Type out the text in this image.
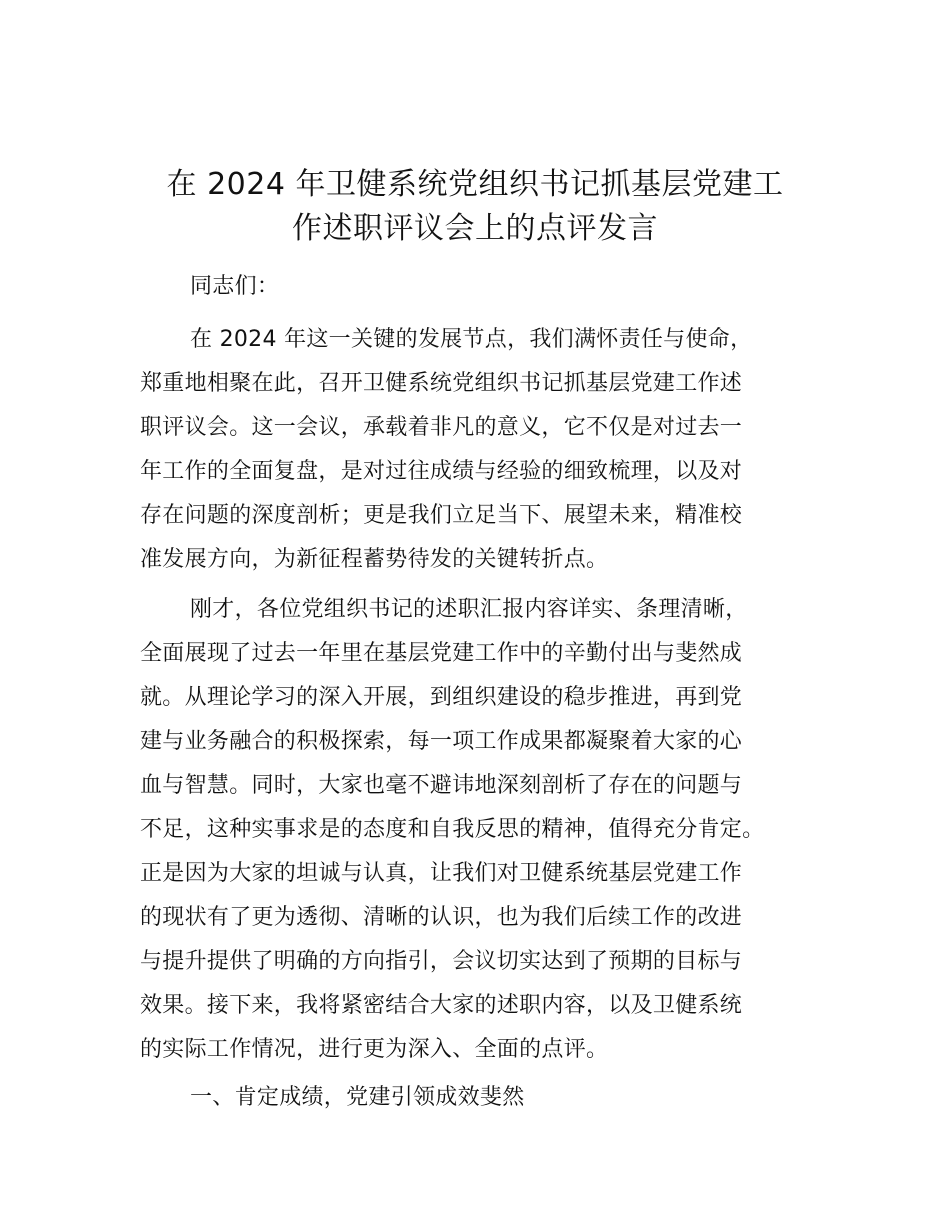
在 2024 年卫健系统党组织书记抓基层党建工
作述职评议会上的点评发言
同志们：
在 2024 年这一关键的发展节点，我们满怀责任与使命，
郑重地相聚在此，召开卫健系统党组织书记抓基层党建工作述
职评议会。这一会议，承载着非凡的意义，它不仅是对过去一
年工作的全面复盘，是对过往成绩与经验的细致梳理，以及对
存在问题的深度剖析；更是我们立足当下、展望未来，精准校
准发展方向，为新征程蓄势待发的关键转折点。
刚才，各位党组织书记的述职汇报内容详实、条理清晰，
全面展现了过去一年里在基层党建工作中的辛勤付出与斐然成
就。从理论学习的深入开展，到组织建设的稳步推进，再到党
建与业务融合的积极探索，每一项工作成果都凝聚着大家的心
血与智慧。同时，大家也毫不避讳地深刻剖析了存在的问题与
不足，这种实事求是的态度和自我反思的精神，值得充分肯定。
正是因为大家的坦诚与认真，让我们对卫健系统基层党建工作
的现状有了更为透彻、清晰的认识，也为我们后续工作的改进
与提升提供了明确的方向指引，会议切实达到了预期的目标与
效果。接下来，我将紧密结合大家的述职内容，以及卫健系统
的实际工作情况，进行更为深入、全面的点评。
一、肯定成绩，党建引领成效斐然
